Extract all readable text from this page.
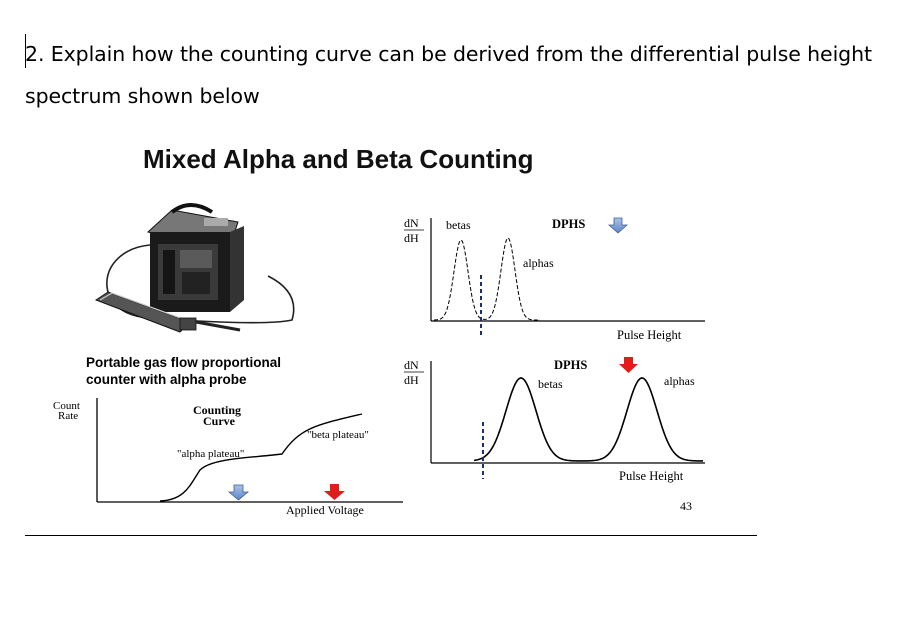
2. Explain how the counting curve can be derived from the differential pulse height spectrum shown below
Mixed Alpha and Beta Counting
Portable gas flow proportional
counter with alpha probe
Count
Rate	Counting
Curve
"alpha plateau"
"beta plateau"
Applied Voltage
dN
dH
betas	DPHS
alphas
Pulse Height
dN
dH
DPHS
betas	alphas
Pulse Height
43
